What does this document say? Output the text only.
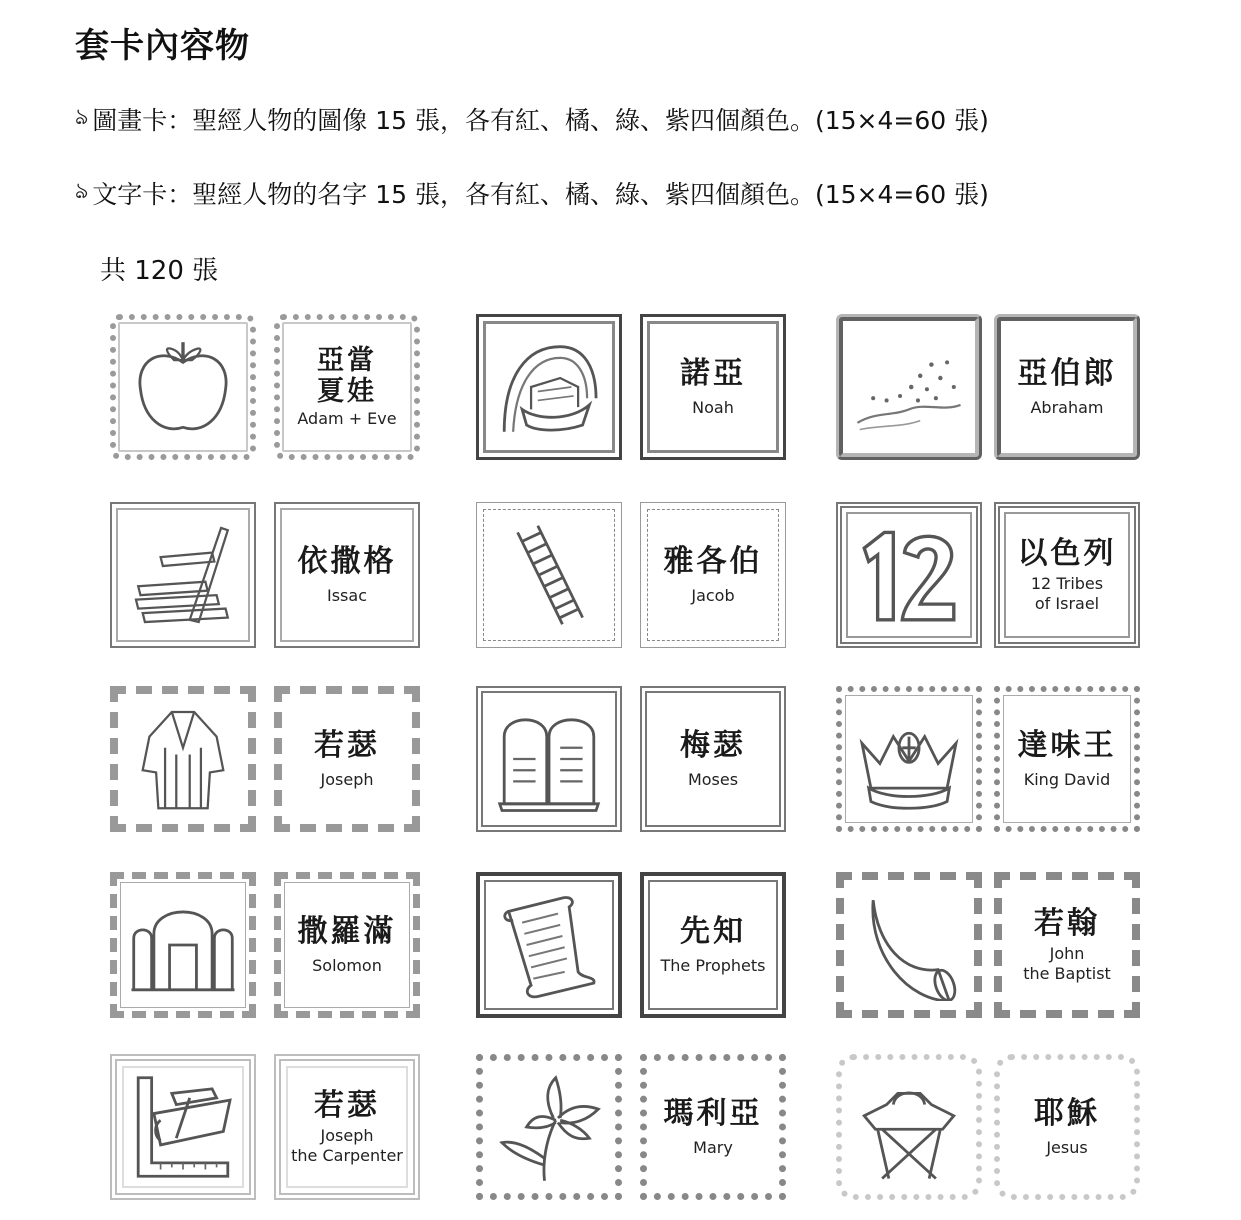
套卡內容物
ঌ 圖畫卡：聖經人物的圖像 15 張，各有紅、橘、綠、紫四個顏色。(15×4=60 張)
ঌ 文字卡：聖經人物的名字 15 張，各有紅、橘、綠、紫四個顏色。(15×4=60 張)
共 120 張
亞當
夏娃
Adam + Eve
諾亞
Noah
亞伯郎
Abraham
依撒格
Issac
雅各伯
Jacob
以色列
12 Tribes
of Israel
若瑟
Joseph
梅瑟
Moses
達味王
King David
撒羅滿
Solomon
先知
The Prophets
若翰
John
the Baptist
若瑟
Joseph
the Carpenter
瑪利亞
Mary
耶穌
Jesus
